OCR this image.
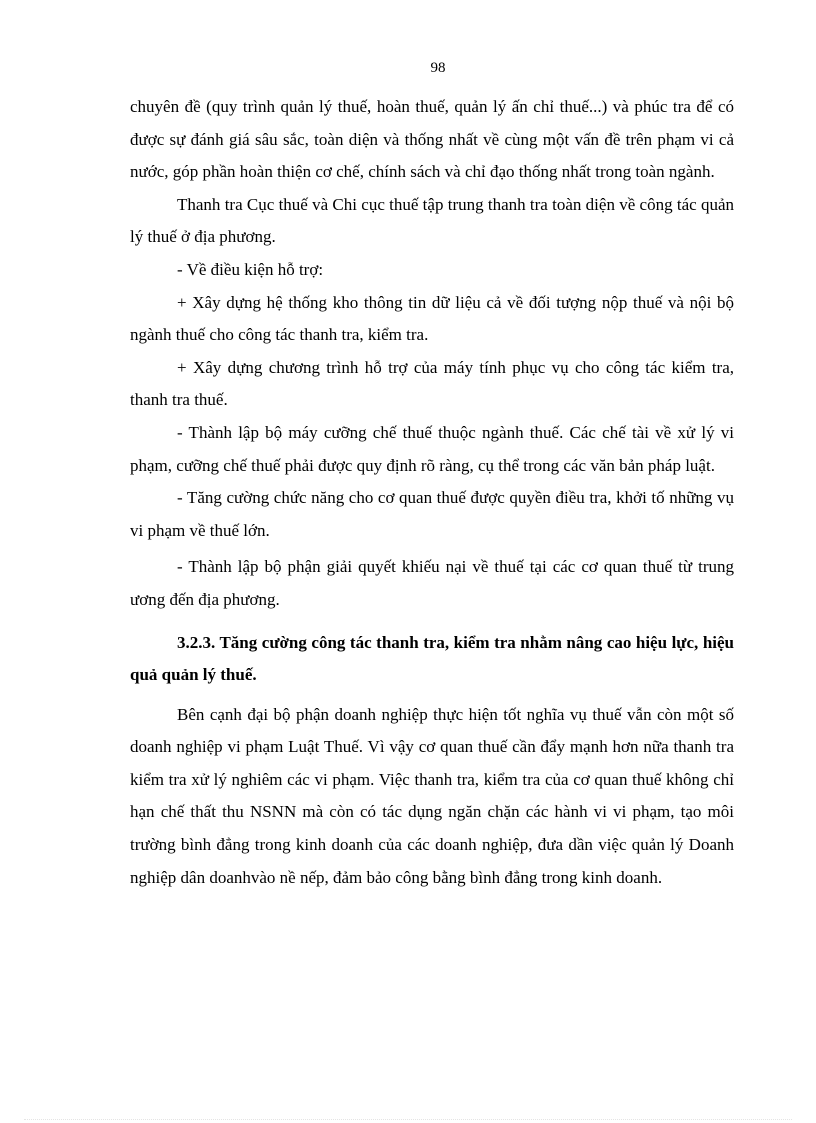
98

chuyên đề (quy trình quản lý thuế, hoàn thuế, quản lý ấn chỉ thuế...) và phúc tra để có được sự đánh giá sâu sắc, toàn diện và thống nhất về cùng một vấn đề trên phạm vi cả nước, góp phần hoàn thiện cơ chế, chính sách và chỉ đạo thống nhất trong toàn ngành.

Thanh tra Cục thuế và Chi cục thuế tập trung thanh tra toàn diện về công tác quản lý thuế ở địa phương.

- Về điều kiện hỗ trợ:

+ Xây dựng hệ thống kho thông tin dữ liệu cả về đối tượng nộp thuế và nội bộ ngành thuế cho công tác thanh tra, kiểm tra.

+ Xây dựng chương trình hỗ trợ của máy tính phục vụ cho công tác kiểm tra, thanh tra thuế.

- Thành lập bộ máy cưỡng chế thuế thuộc ngành thuế. Các chế tài về xử lý vi phạm, cưỡng chế thuế phải được quy định rõ ràng, cụ thể trong các văn bản pháp luật.

- Tăng cường chức năng cho cơ quan thuế được quyền điều tra, khởi tố những vụ vi phạm về thuế lớn.

- Thành lập bộ phận giải quyết khiếu nại về thuế tại các cơ quan thuế từ trung ương đến địa phương.

3.2.3. Tăng cường công tác thanh tra, kiểm tra nhằm nâng cao hiệu lực, hiệu quả quản lý thuế.

Bên cạnh đại bộ phận doanh nghiệp thực hiện tốt nghĩa vụ thuế vẫn còn một số doanh nghiệp vi phạm Luật Thuế. Vì vậy cơ quan thuế cần đẩy mạnh hơn nữa thanh tra kiểm tra xử lý nghiêm các vi phạm. Việc thanh tra, kiểm tra của cơ quan thuế không chỉ hạn chế thất thu NSNN mà còn có tác dụng ngăn chặn các hành vi vi phạm, tạo môi trường bình đẳng trong kinh doanh của các doanh nghiệp, đưa dần việc quản lý Doanh nghiệp dân doanhvào nề nếp, đảm bảo công bằng bình đẳng trong kinh doanh.
